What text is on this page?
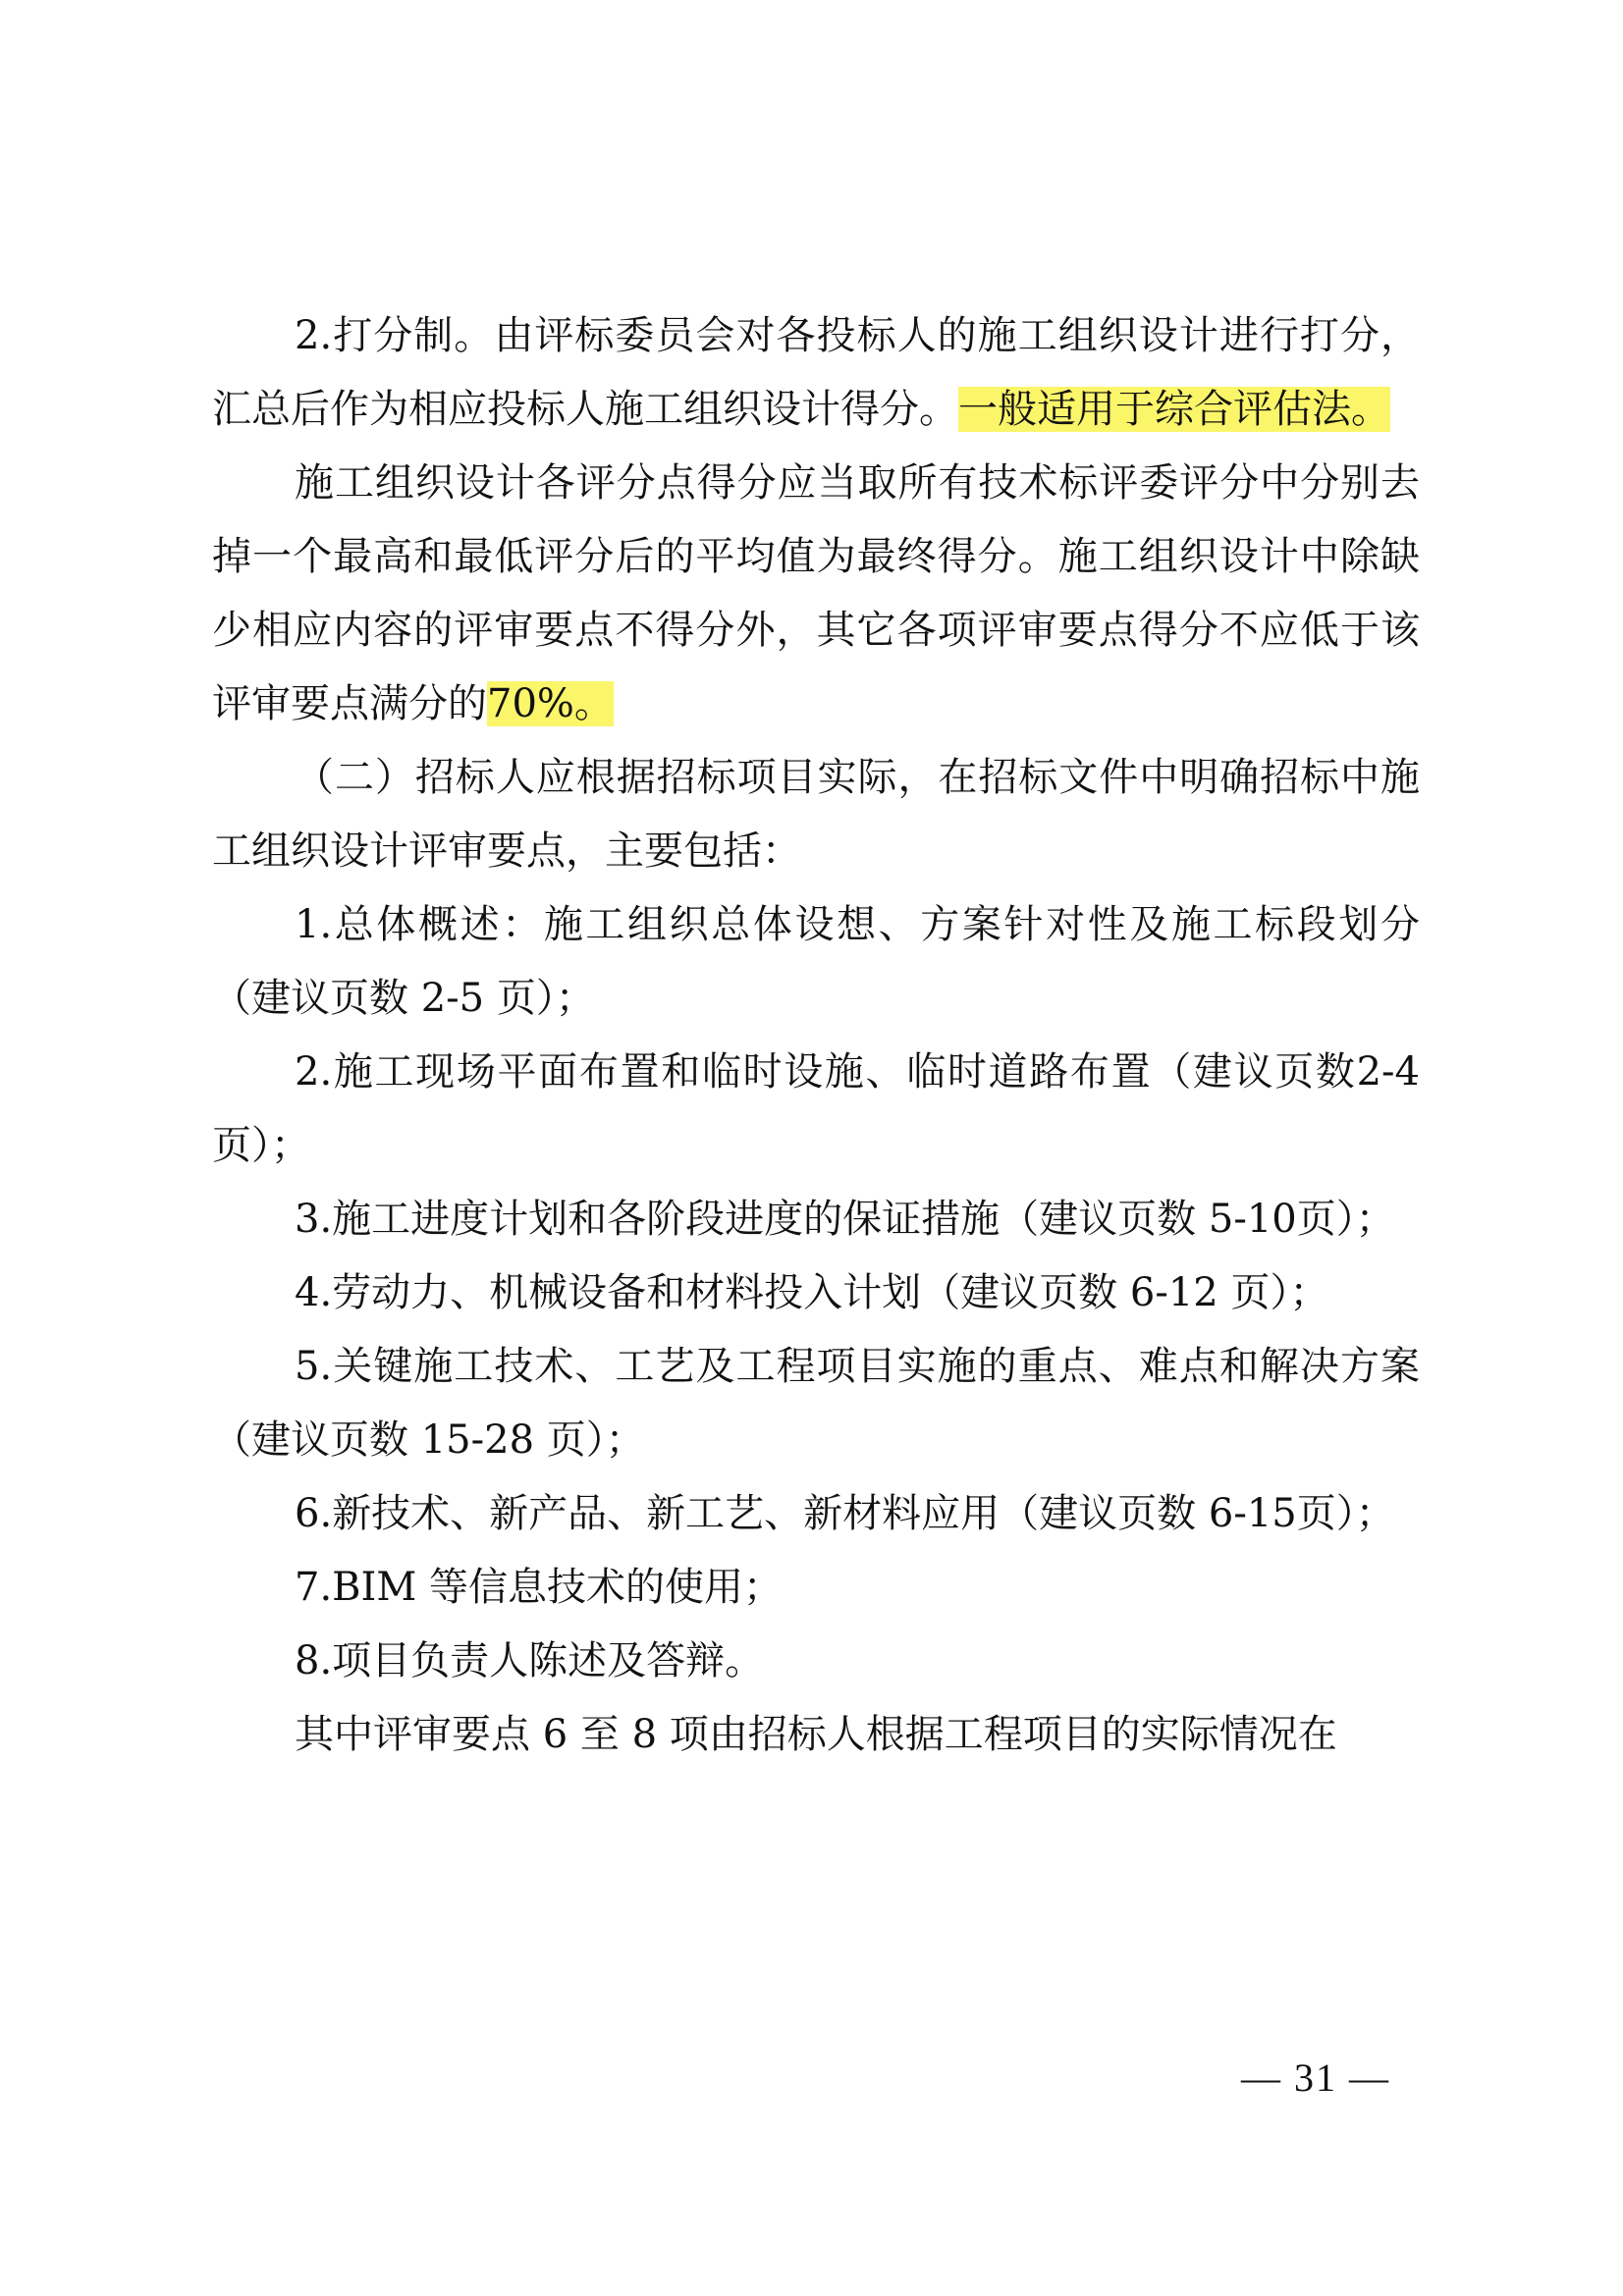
2.打分制。由评标委员会对各投标人的施工组织设计进行打分，汇总后作为相应投标人施工组织设计得分。一般适用于综合评估法。

施工组织设计各评分点得分应当取所有技术标评委评分中分别去掉一个最高和最低评分后的平均值为最终得分。施工组织设计中除缺少相应内容的评审要点不得分外，其它各项评审要点得分不应低于该评审要点满分的70%。

（二）招标人应根据招标项目实际，在招标文件中明确招标中施工组织设计评审要点，主要包括：

1.总体概述：施工组织总体设想、方案针对性及施工标段划分（建议页数 2-5 页）；

2.施工现场平面布置和临时设施、临时道路布置（建议页数2-4 页）；

3.施工进度计划和各阶段进度的保证措施（建议页数 5-10页）；

4.劳动力、机械设备和材料投入计划（建议页数 6-12 页）；

5.关键施工技术、工艺及工程项目实施的重点、难点和解决方案（建议页数 15-28 页）；

6.新技术、新产品、新工艺、新材料应用（建议页数 6-15页）；

7.BIM 等信息技术的使用；

8.项目负责人陈述及答辩。

其中评审要点 6 至 8 项由招标人根据工程项目的实际情况在

— 31 —
